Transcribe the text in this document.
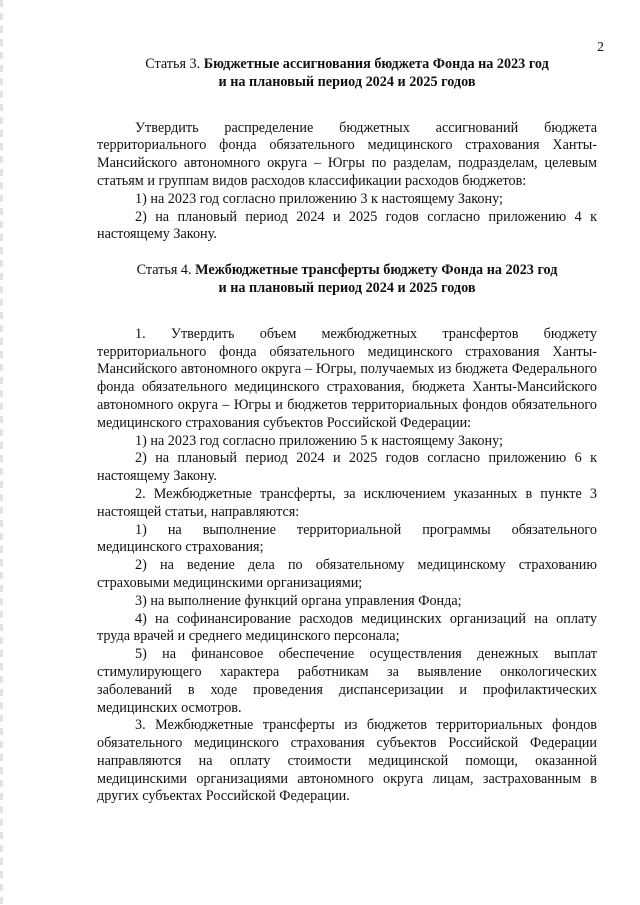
2
Статья 3. Бюджетные ассигнования бюджета Фонда на 2023 год
и на плановый период 2024 и 2025 годов

Утвердить распределение бюджетных ассигнований бюджета территориального фонда обязательного медицинского страхования Ханты-Мансийского автономного округа – Югры по разделам, подразделам, целевым статьям и группам видов расходов классификации расходов бюджетов:

1) на 2023 год согласно приложению 3 к настоящему Закону;

2) на плановый период 2024 и 2025 годов согласно приложению 4 к настоящему Закону.

Статья 4. Межбюджетные трансферты бюджету Фонда на 2023 год
и на плановый период 2024 и 2025 годов

1. Утвердить объем межбюджетных трансфертов бюджету территориального фонда обязательного медицинского страхования Ханты-Мансийского автономного округа – Югры, получаемых из бюджета Федерального фонда обязательного медицинского страхования, бюджета Ханты-Мансийского автономного округа – Югры и бюджетов территориальных фондов обязательного медицинского страхования субъектов Российской Федерации:

1) на 2023 год согласно приложению 5 к настоящему Закону;

2) на плановый период 2024 и 2025 годов согласно приложению 6 к настоящему Закону.

2. Межбюджетные трансферты, за исключением указанных в пункте 3 настоящей статьи, направляются:

1) на выполнение территориальной программы обязательного медицинского страхования;

2) на ведение дела по обязательному медицинскому страхованию страховыми медицинскими организациями;

3) на выполнение функций органа управления Фонда;

4) на софинансирование расходов медицинских организаций на оплату труда врачей и среднего медицинского персонала;

5) на финансовое обеспечение осуществления денежных выплат стимулирующего характера работникам за выявление онкологических заболеваний в ходе проведения диспансеризации и профилактических медицинских осмотров.

3. Межбюджетные трансферты из бюджетов территориальных фондов обязательного медицинского страхования субъектов Российской Федерации направляются на оплату стоимости медицинской помощи, оказанной медицинскими организациями автономного округа лицам, застрахованным в других субъектах Российской Федерации.
